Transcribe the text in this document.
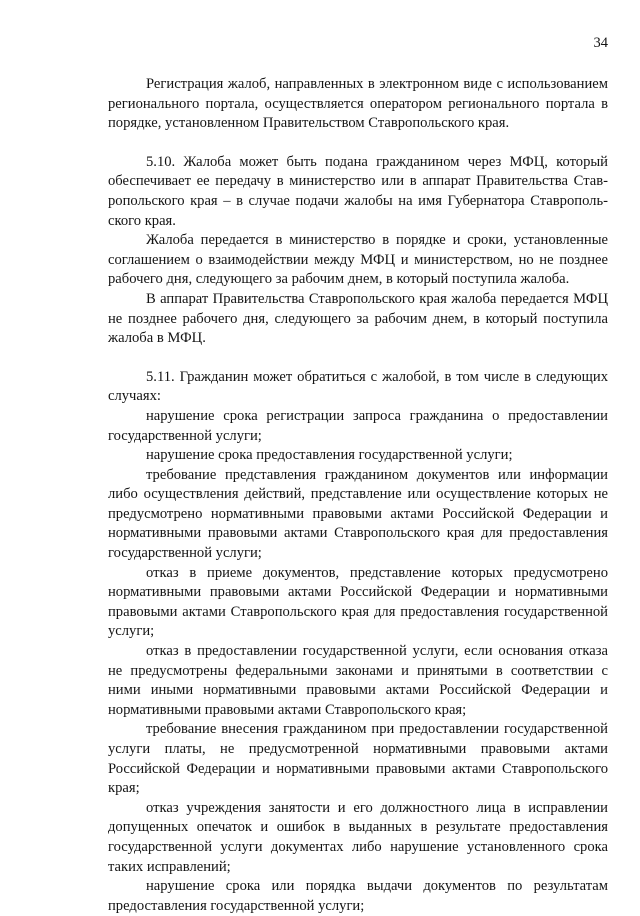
34

Регистрация жалоб, направленных в электронном виде с использованием регионального портала, осуществляется оператором регионального портала в порядке, установленном Правительством Ставропольского края.

5.10. Жалоба может быть подана гражданином через МФЦ, который обеспечивает ее передачу в министерство или в аппарат Правительства Ставропольского края – в случае подачи жалобы на имя Губернатора Ставропольского края.

Жалоба передается в министерство в порядке и сроки, установленные соглашением о взаимодействии между МФЦ и министерством, но не позднее рабочего дня, следующего за рабочим днем, в который поступила жалоба.

В аппарат Правительства Ставропольского края жалоба передается МФЦ не позднее рабочего дня, следующего за рабочим днем, в который поступила жалоба в МФЦ.

5.11. Гражданин может обратиться с жалобой, в том числе в следующих случаях:

нарушение срока регистрации запроса гражданина о предоставлении государственной услуги;

нарушение срока предоставления государственной услуги;

требование представления гражданином документов или информации либо осуществления действий, представление или осуществление которых не предусмотрено нормативными правовыми актами Российской Федерации и нормативными правовыми актами Ставропольского края для предоставления государственной услуги;

отказ в приеме документов, представление которых предусмотрено нормативными правовыми актами Российской Федерации и нормативными правовыми актами Ставропольского края для предоставления государственной услуги;

отказ в предоставлении государственной услуги, если основания отказа не предусмотрены федеральными законами и принятыми в соответствии с ними иными нормативными правовыми актами Российской Федерации и нормативными правовыми актами Ставропольского края;

требование внесения гражданином при предоставлении государственной услуги платы, не предусмотренной нормативными правовыми актами Российской Федерации и нормативными правовыми актами Ставропольского края;

отказ учреждения занятости и его должностного лица в исправлении допущенных опечаток и ошибок в выданных в результате предоставления государственной услуги документах либо нарушение установленного срока таких исправлений;

нарушение срока или порядка выдачи документов по результатам предоставления государственной услуги;
